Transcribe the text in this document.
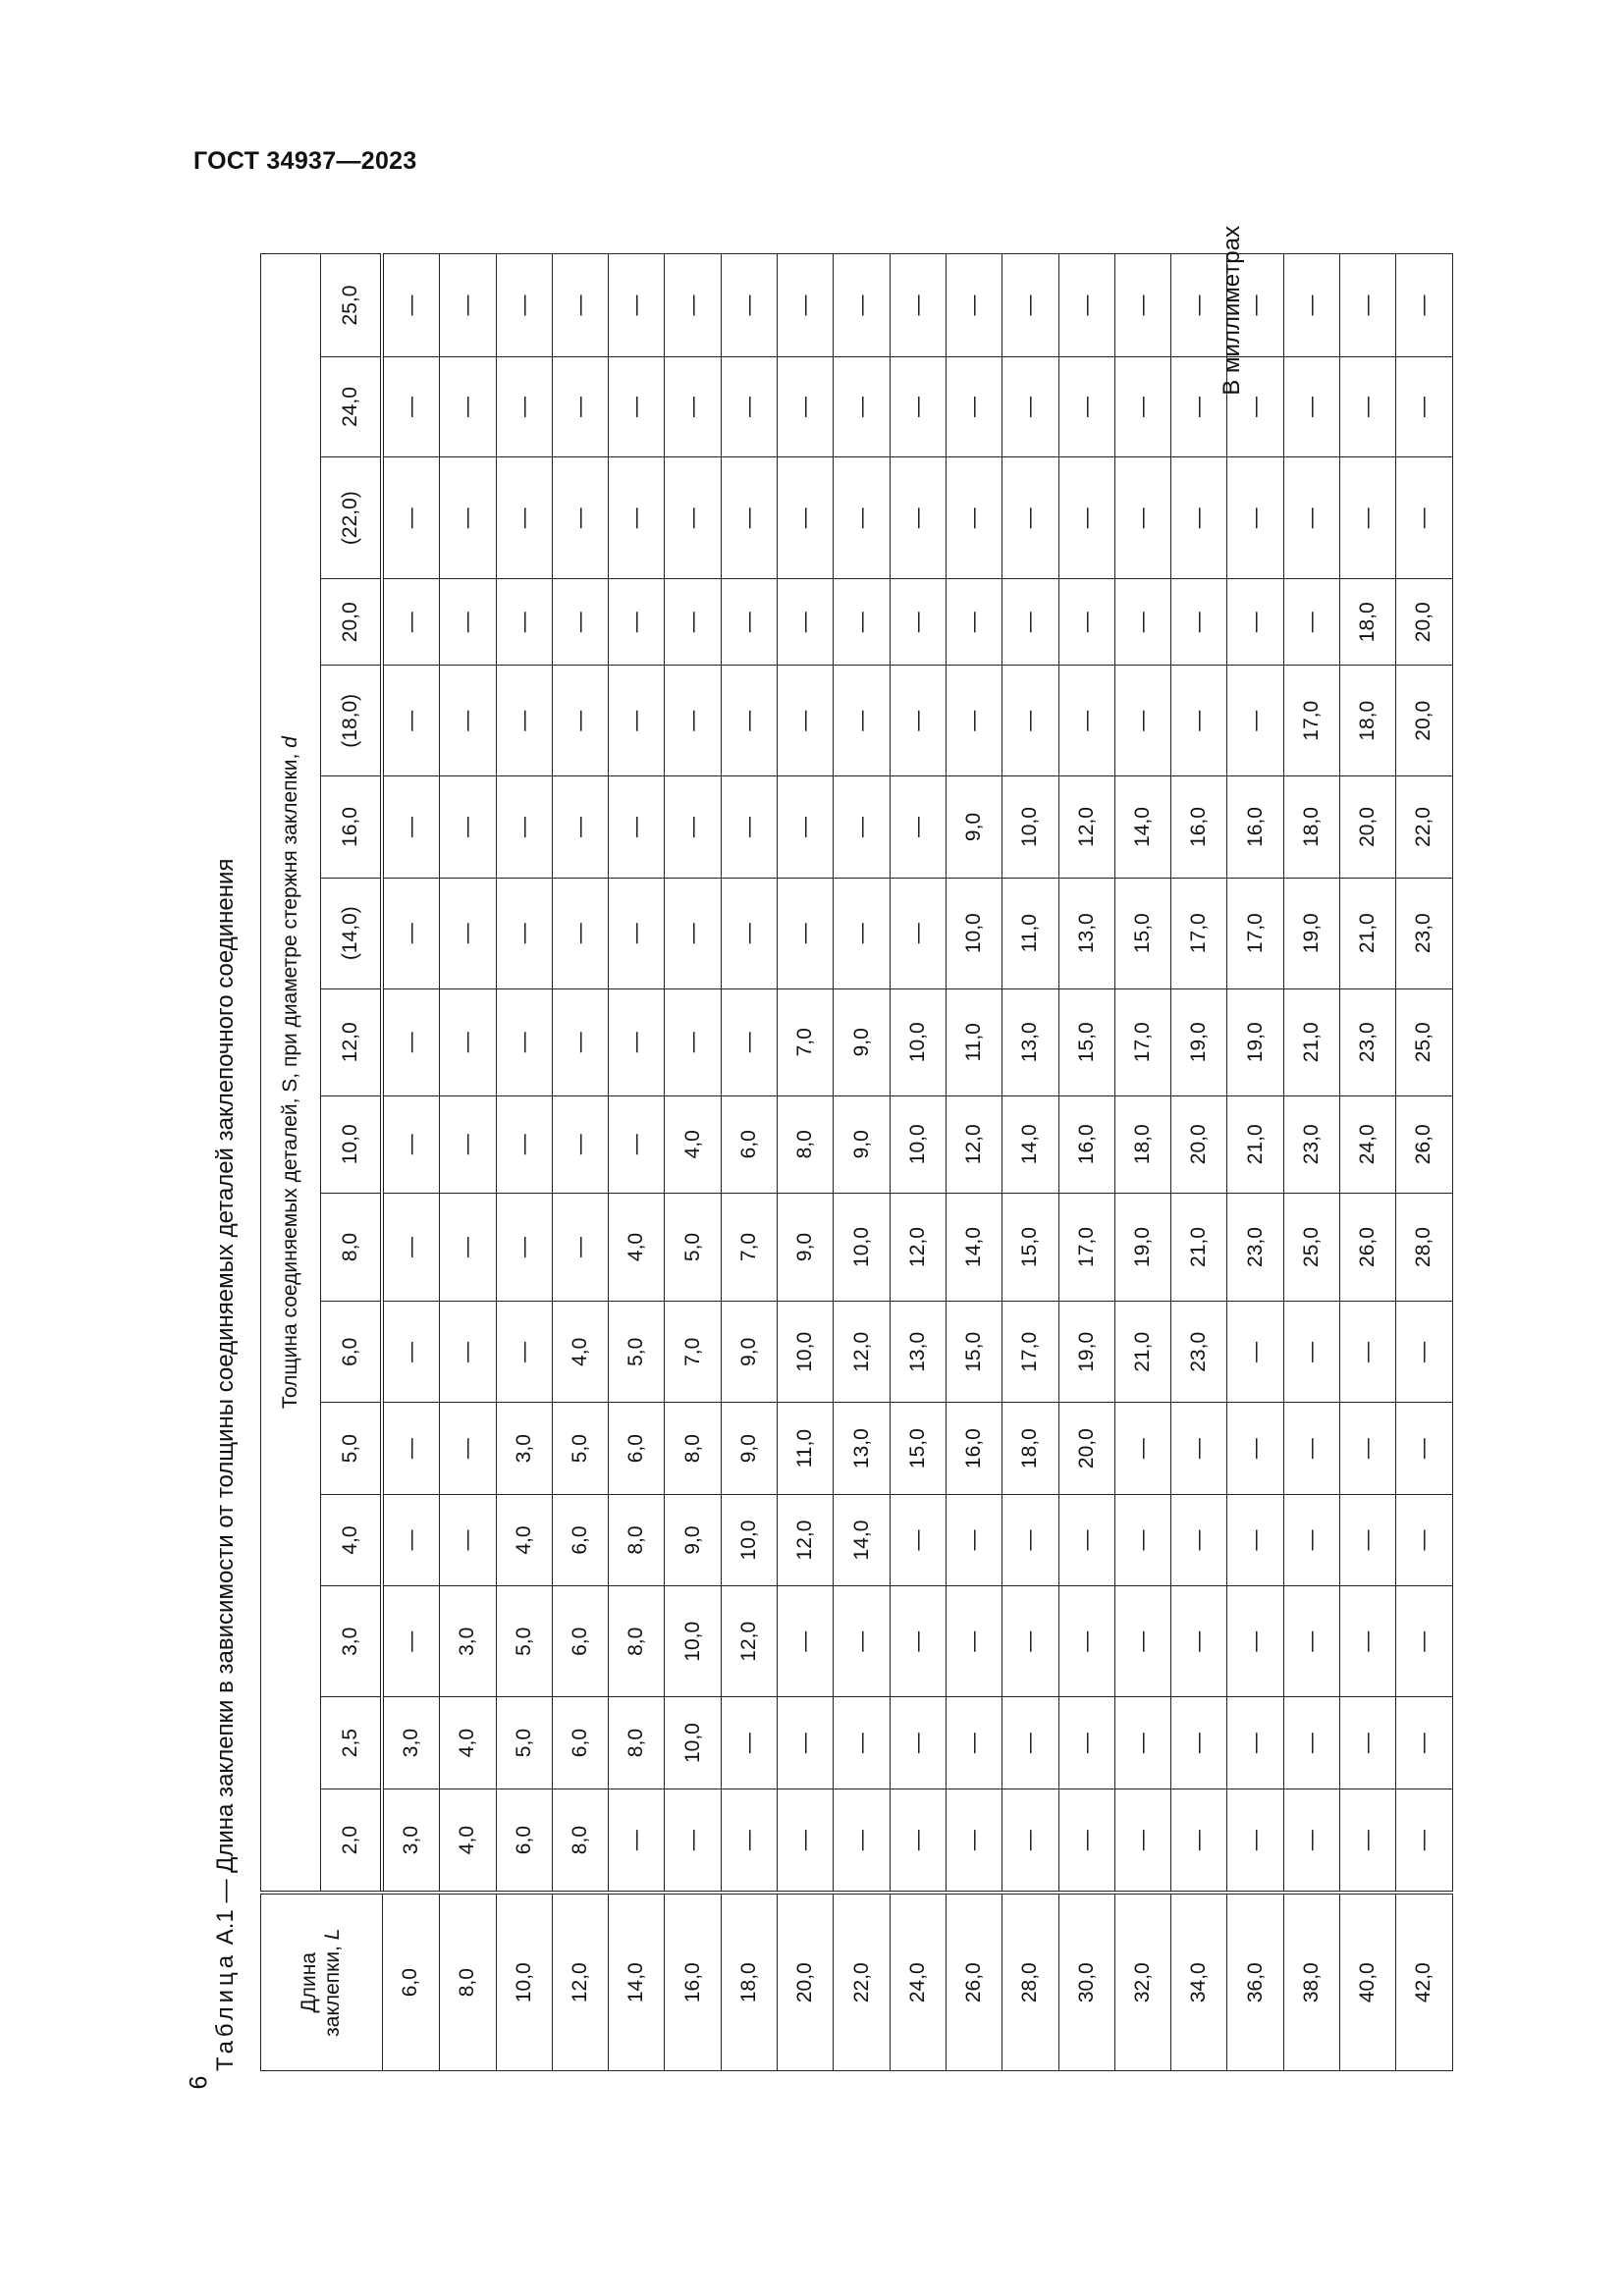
ГОСТ 34937—2023
6
Таблица А.1 — Длина заклепки в зависимости от толщины соединяемых деталей заклепочного соединения
Длина
заклепки, L	Толщина соединяемых деталей, S, при диаметре стержня заклепки, d															
	2,0	2,5	3,0	4,0	5,0	6,0	8,0	10,0	12,0	(14,0)	16,0	(18,0)	20,0	(22,0)	24,0	25,0
6,0	3,0	3,0	—	—	—	—	—	—	—	—	—	—	—	—	—	—
8,0	4,0	4,0	3,0	—	—	—	—	—	—	—	—	—	—	—	—	—
10,0	6,0	5,0	5,0	4,0	3,0	—	—	—	—	—	—	—	—	—	—	—
12,0	8,0	6,0	6,0	6,0	5,0	4,0	—	—	—	—	—	—	—	—	—	—
14,0	—	8,0	8,0	8,0	6,0	5,0	4,0	—	—	—	—	—	—	—	—	—
16,0	—	10,0	10,0	9,0	8,0	7,0	5,0	4,0	—	—	—	—	—	—	—	—
18,0	—	—	12,0	10,0	9,0	9,0	7,0	6,0	—	—	—	—	—	—	—	—
20,0	—	—	—	12,0	11,0	10,0	9,0	8,0	7,0	—	—	—	—	—	—	—
22,0	—	—	—	14,0	13,0	12,0	10,0	9,0	9,0	—	—	—	—	—	—	—
24,0	—	—	—	—	15,0	13,0	12,0	10,0	10,0	—	—	—	—	—	—	—
26,0	—	—	—	—	16,0	15,0	14,0	12,0	11,0	10,0	9,0	—	—	—	—	—
28,0	—	—	—	—	18,0	17,0	15,0	14,0	13,0	11,0	10,0	—	—	—	—	—
30,0	—	—	—	—	20,0	19,0	17,0	16,0	15,0	13,0	12,0	—	—	—	—	—
32,0	—	—	—	—	—	21,0	19,0	18,0	17,0	15,0	14,0	—	—	—	—	—
34,0	—	—	—	—	—	23,0	21,0	20,0	19,0	17,0	16,0	—	—	—	—	—
36,0	—	—	—	—	—	—	23,0	21,0	19,0	17,0	16,0	—	—	—	—	—
38,0	—	—	—	—	—	—	25,0	23,0	21,0	19,0	18,0	17,0	—	—	—	—
40,0	—	—	—	—	—	—	26,0	24,0	23,0	21,0	20,0	18,0	18,0	—	—	—
42,0	—	—	—	—	—	—	28,0	26,0	25,0	23,0	22,0	20,0	20,0	—	—	—
В миллиметрах
